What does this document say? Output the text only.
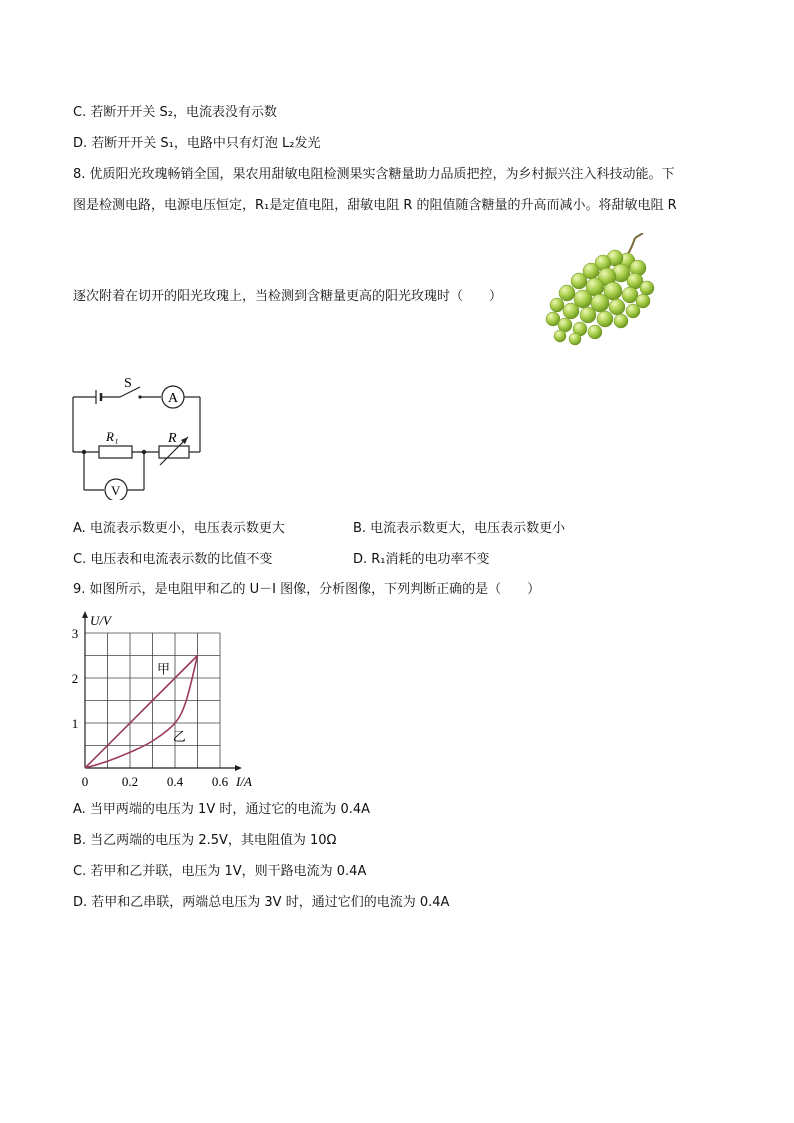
C. 若断开开关 S₂，电流表没有示数
D. 若断开开关 S₁，电路中只有灯泡 L₂发光
8. 优质阳光玫瑰畅销全国，果农用甜敏电阻检测果实含糖量助力品质把控，为乡村振兴注入科技动能。下
图是检测电路，电源电压恒定，R₁是定值电阻，甜敏电阻 R 的阻值随含糖量的升高而减小。将甜敏电阻 R
逐次附着在切开的阳光玫瑰上，当检测到含糖量更高的阳光玫瑰时（　　）
S
A
R₁	R
V
A. 电流表示数更小，电压表示数更大	B. 电流表示数更大，电压表示数更小
C. 电压表和电流表示数的比值不变	D. R₁消耗的电功率不变
9. 如图所示，是电阻甲和乙的 U－I 图像，分析图像，下列判断正确的是（　　）
0	0.2 0.4 0.6
1
2
3
I/A
U/V
甲
乙
A. 当甲两端的电压为 1V 时，通过它的电流为 0.4A
B. 当乙两端的电压为 2.5V，其电阻值为 10Ω
C. 若甲和乙并联，电压为 1V，则干路电流为 0.4A
D. 若甲和乙串联，两端总电压为 3V 时，通过它们的电流为 0.4A
